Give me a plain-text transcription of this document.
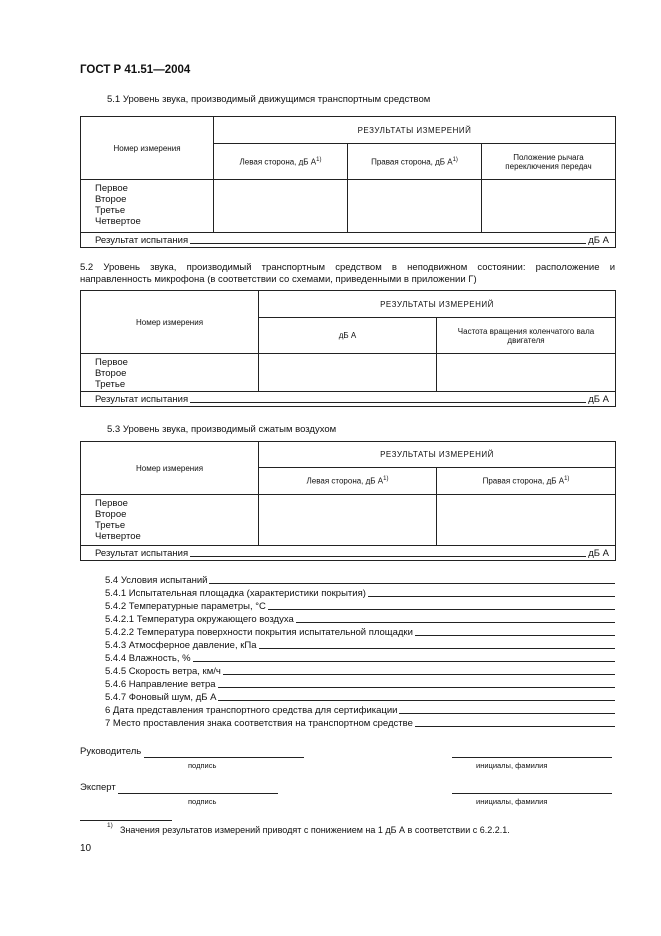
ГОСТ Р 41.51—2004
5.1 Уровень звука, производимый движущимся транспортным средством
Номер измерения	РЕЗУЛЬТАТЫ ИЗМЕРЕНИЙ		
	Левая сторона, дБ $А^{1)}$	Правая сторона, дБ $А^{1)}$	Положение рычага
переключения передач

Первое
Второе
Третье
Четвертое			

Результат испытания дБ А			
5.2 Уровень звука, производимый транспортным средством в неподвижном состоянии: расположение и
направленность микрофона (в соответствии со схемами, приведенными в приложении Г)
Номер измерения	РЕЗУЛЬТАТЫ ИЗМЕРЕНИЙ	
	дБ А	Частота вращения коленчатого вала
двигателя

Первое
Второе
Третье		

Результат испытания дБ А		
5.3 Уровень звука, производимый сжатым воздухом
Номер измерения	РЕЗУЛЬТАТЫ ИЗМЕРЕНИЙ	
	Левая сторона, дБ $А^{1)}$	Правая сторона, дБ $А^{1)}$

Первое
Второе
Третье
Четвертое		

Результат испытания дБ А		
5.4 Условия испытаний
5.4.1 Испытательная площадка (характеристики покрытия)
5.4.2 Температурные параметры, °С
5.4.2.1 Температура окружающего воздуха
5.4.2.2 Температура поверхности покрытия испытательной площадки
5.4.3 Атмосферное давление, кПа
5.4.4 Влажность, %
5.4.5 Скорость ветра, км/ч
5.4.6 Направление ветра
5.4.7 Фоновый шум, дБ А
6 Дата представления транспортного средства для сертификации
7 Место проставления знака соответствия на транспортном средстве
Руководитель
подпись	инициалы, фамилия
Эксперт
подпись	инициалы, фамилия
1) Значения результатов измерений приводят с понижением на 1 дБ А в соответствии с 6.2.2.1.
10
